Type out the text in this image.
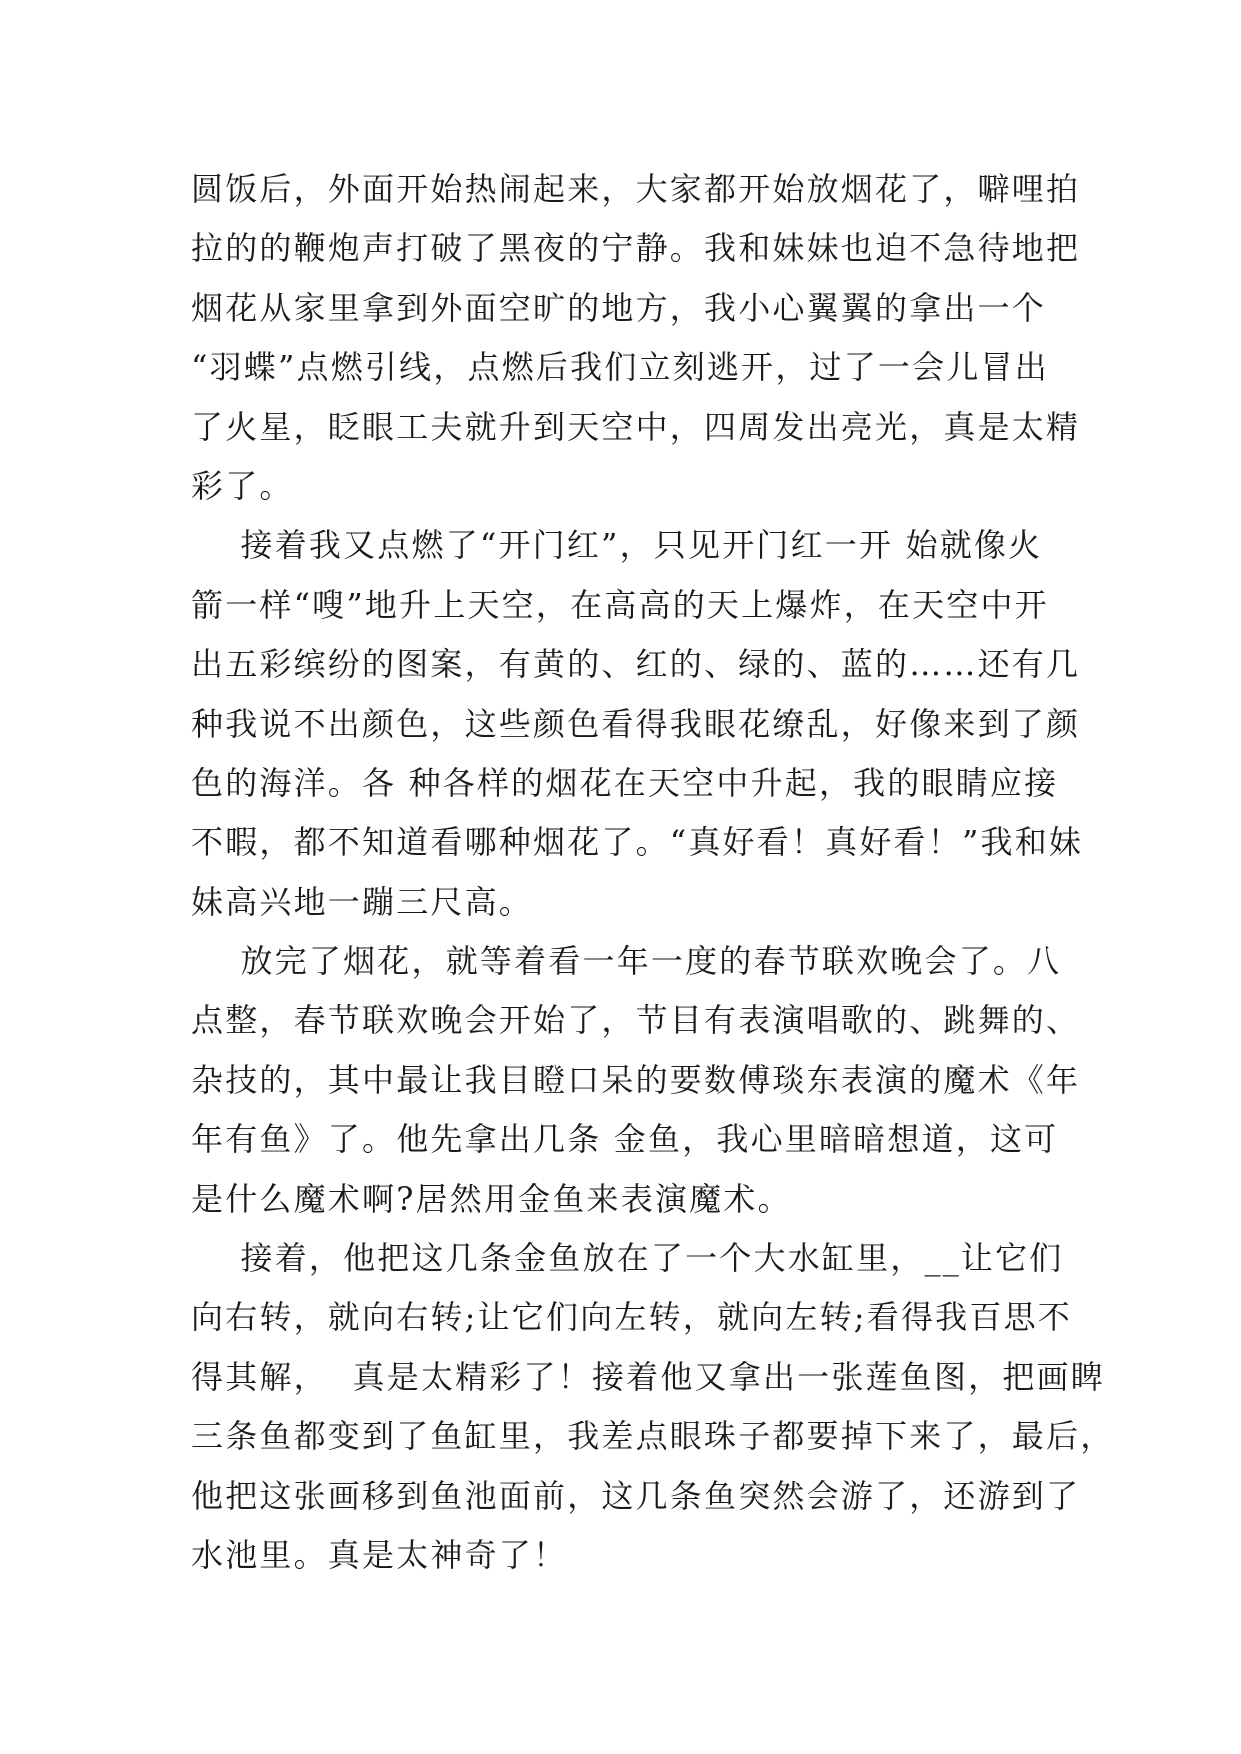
圆饭后，外面开始热闹起来，大家都开始放烟花了，噼哩拍
拉的的鞭炮声打破了黑夜的宁静。我和妹妹也迫不急待地把
烟花从家里拿到外面空旷的地方，我小心翼翼的拿出一个
“羽蝶”点燃引线，点燃后我们立刻逃开，过了一会儿冒出
了火星，眨眼工夫就升到天空中，四周发出亮光，真是太精
彩了。
接着我又点燃了“开门红”，只见开门红一开 始就像火
箭一样“嗖”地升上天空，在高高的天上爆炸，在天空中开
出五彩缤纷的图案，有黄的、红的、绿的、蓝的……还有几
种我说不出颜色，这些颜色看得我眼花缭乱，好像来到了颜
色的海洋。各 种各样的烟花在天空中升起，我的眼睛应接
不暇，都不知道看哪种烟花了。“真好看！真好看！”我和妹
妹高兴地一蹦三尺高。
放完了烟花，就等着看一年一度的春节联欢晚会了。八
点整，春节联欢晚会开始了，节目有表演唱歌的、跳舞的、
杂技的，其中最让我目瞪口呆的要数傅琰东表演的魔术《年
年有鱼》了。他先拿出几条 金鱼，我心里暗暗想道，这可
是什么魔术啊?居然用金鱼来表演魔术。
接着，他把这几条金鱼放在了一个大水缸里，__让它们
向右转，就向右转;让它们向左转，就向左转;看得我百思不
得其解，  真是太精彩了！接着他又拿出一张莲鱼图，把画睥
三条鱼都变到了鱼缸里，我差点眼珠子都要掉下来了，最后，
他把这张画移到鱼池面前，这几条鱼突然会游了，还游到了
水池里。真是太神奇了！
